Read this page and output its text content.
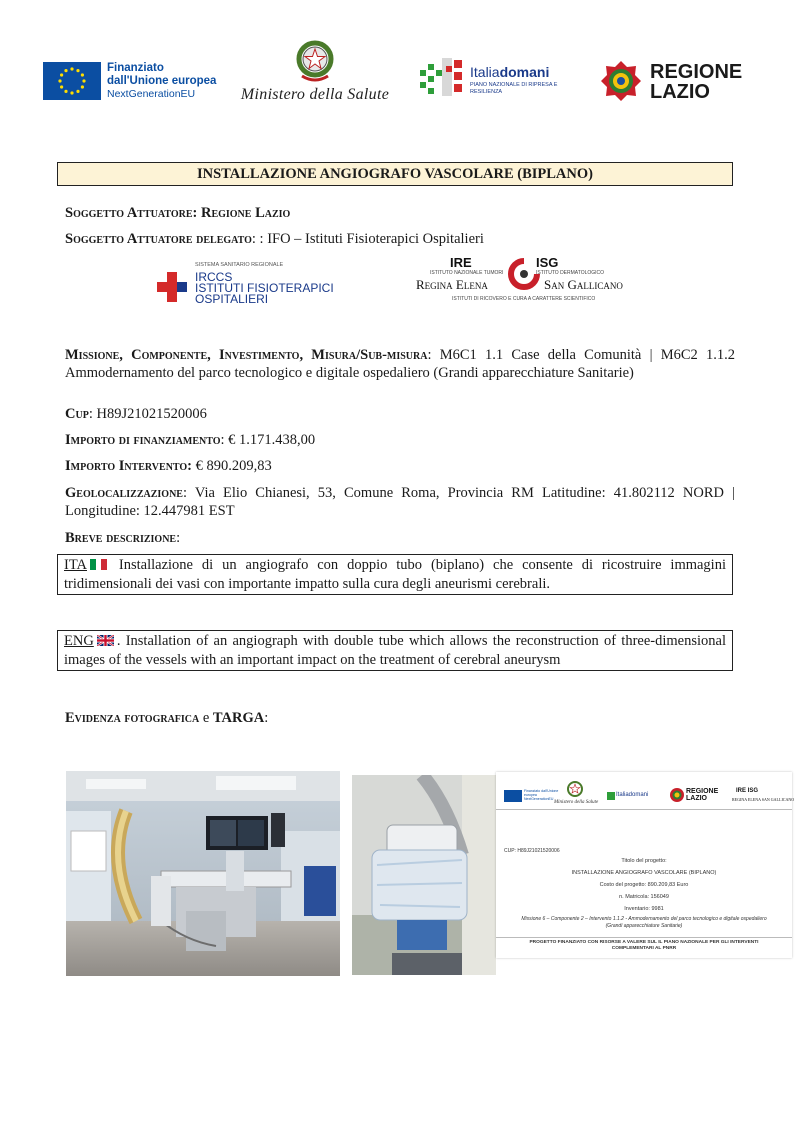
Finanziato
dall'Unione europea
NextGenerationEU	Ministero della Salute
Italiadomani
PIANO NAZIONALE DI RIPRESA E RESILIENZA
REGIONE
LAZIO
INSTALLAZIONE ANGIOGRAFO VASCOLARE (BIPLANO)
Soggetto Attuatore: Regione Lazio
Soggetto Attuatore delegato: : IFO – Istituti Fisioterapici Ospitalieri
SISTEMA SANITARIO REGIONALE
IRCCS
ISTITUTI FISIOTERAPICI
OSPITALIERI
IRE
ISTITUTO NAZIONALE TUMORI
Regina Elena
ISG
ISTITUTO DERMATOLOGICO
San Gallicano
ISTITUTI DI RICOVERO E CURA A CARATTERE SCIENTIFICO
Missione, Componente, Investimento, Misura/Sub-misura: M6C1 1.1 Case della Comunità | M6C2 1.1.2 Ammodernamento del parco tecnologico e digitale ospedaliero (Grandi apparecchiature Sanitarie)
Cup: H89J21021520006
Importo di finanziamento: € 1.171.438,00
Importo Intervento: € 890.209,83
Geolocalizzazione: Via Elio Chianesi, 53, Comune Roma, Provincia RM Latitudine: 41.802112 NORD | Longitudine: 12.447981 EST
Breve descrizione:
ITA Installazione di un angiografo con doppio tubo (biplano) che consente di ricostruire immagini tridimensionali dei vasi con importante impatto sulla cura degli aneurismi cerebrali.
ENG . Installation of an angiograph with double tube which allows the reconstruction of three-dimensional images of the vessels with an important impact on the treatment of cerebral aneurysm
Evidenza fotografica e TARGA:
Finanziato dall'Unione europea NextGenerationEU
Ministero della Salute
Italiadomani	REGIONE
LAZIO
IRE ISG
REGINA ELENA SAN GALLICANO
CUP: H89J21021520006
Titolo del progetto:
INSTALLAZIONE ANGIOGRAFO VASCOLARE (BIPLANO)
Costo del progetto: 890.209,83 Euro
n. Matricola: 156049
Inventario: 9981
Missione 6 – Componente 2 – Intervento 1.1.2 - Ammodernamento del parco tecnologico e digitale ospedaliero
(Grandi apparecchiature Sanitarie)
PROGETTO FINANZIATO CON RISORSE A VALERE SUL IL PIANO NAZIONALE PER GLI INTERVENTI
COMPLEMENTARI AL PNRR
